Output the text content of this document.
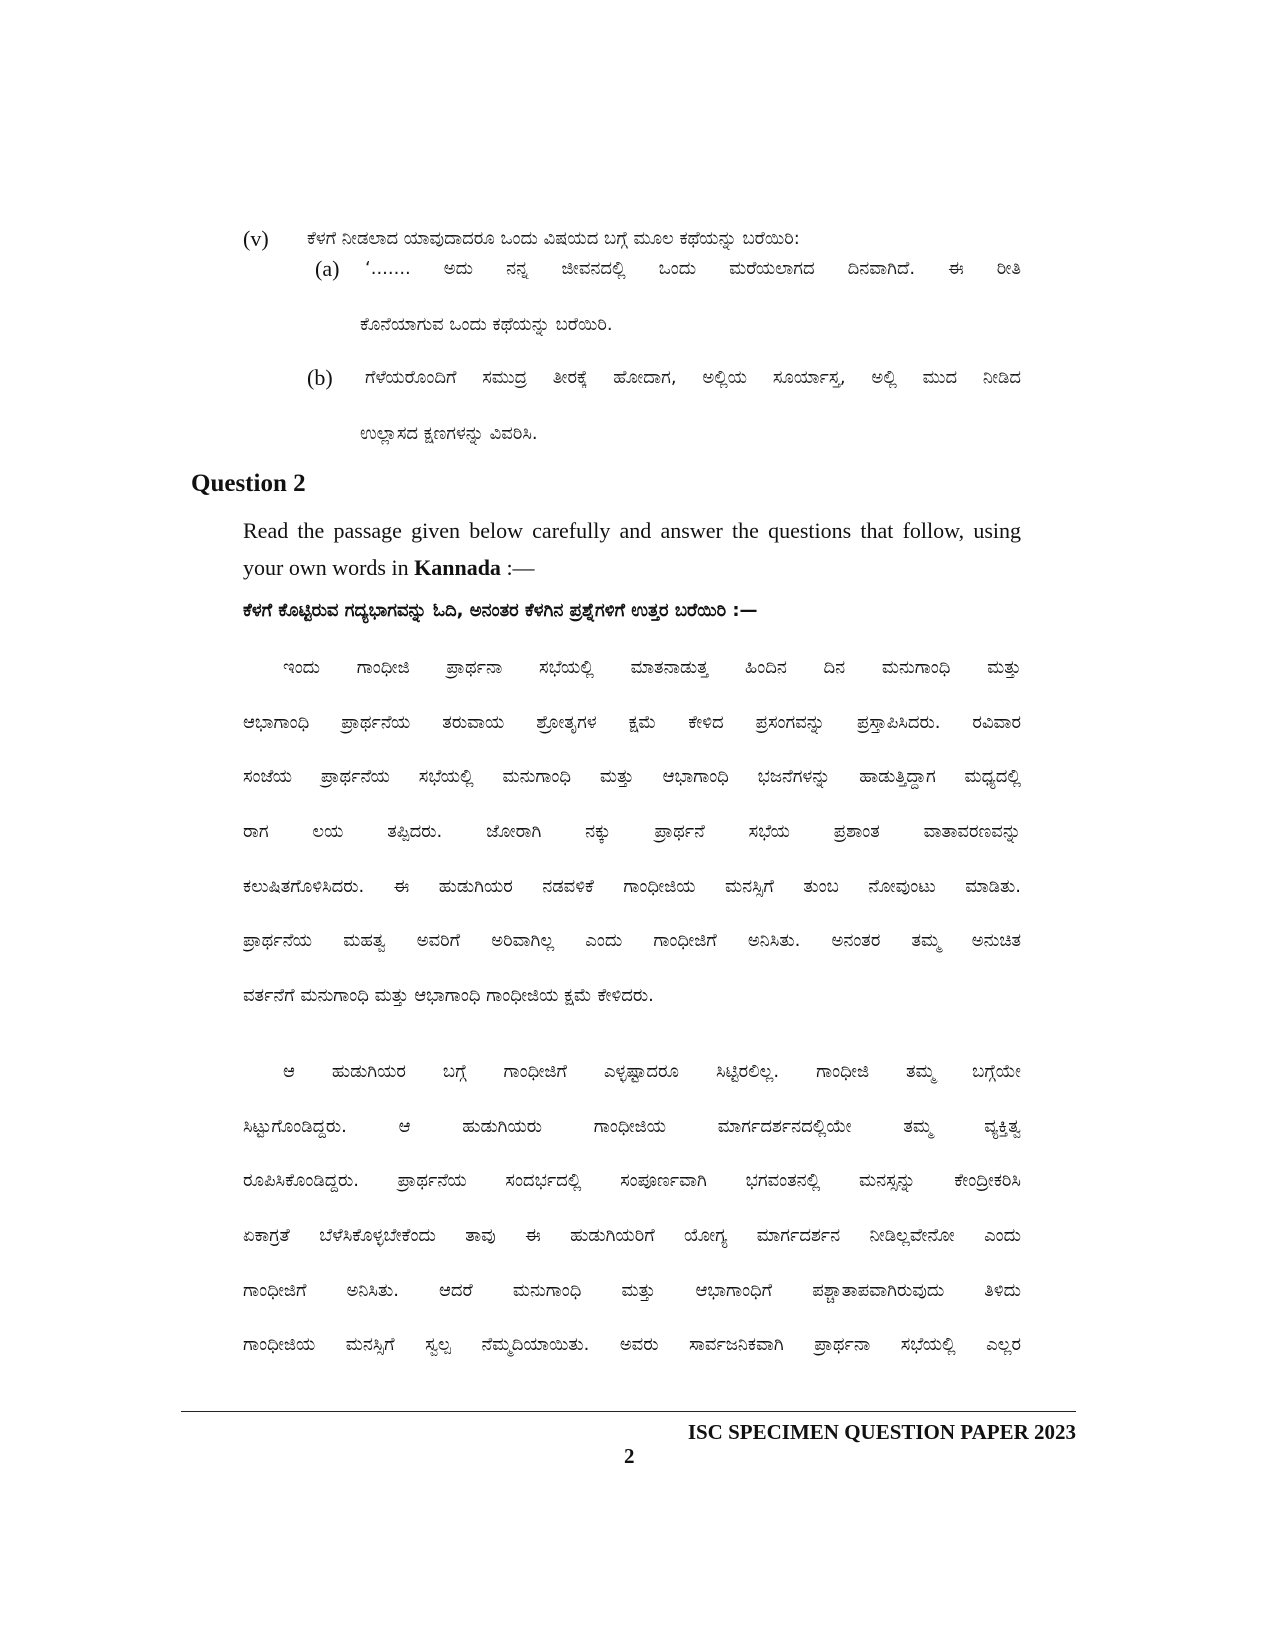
(v) ಕೆಳಗೆ ನೀಡಲಾದ ಯಾವುದಾದರೂ ಒಂದು ವಿಷಯದ ಬಗ್ಗೆ ಮೂಲ ಕಥೆಯನ್ನು ಬರೆಯಿರಿ:
(a) ‘....... ಅದು ನನ್ನ ಜೀವನದಲ್ಲಿ ಒಂದು ಮರೆಯಲಾಗದ ದಿನವಾಗಿದೆ. ಈ ರೀತಿ
ಕೊನೆಯಾಗುವ ಒಂದು ಕಥೆಯನ್ನು ಬರೆಯಿರಿ.
(b) ಗೆಳೆಯರೊಂದಿಗೆ ಸಮುದ್ರ ತೀರಕ್ಕೆ ಹೋದಾಗ, ಅಲ್ಲಿಯ ಸೂರ್ಯಾಸ್ತ, ಅಲ್ಲಿ ಮುದ ನೀಡಿದ
ಉಲ್ಲಾಸದ ಕ್ಷಣಗಳನ್ನು ವಿವರಿಸಿ.
Question 2
Read the passage given below carefully and answer the questions that follow, using
your own words in Kannada :—
ಕೆಳಗೆ ಕೊಟ್ಟಿರುವ ಗದ್ಯಭಾಗವನ್ನು ಓದಿ, ಅನಂತರ ಕೆಳಗಿನ ಪ್ರಶ್ನೆಗಳಿಗೆ ಉತ್ತರ ಬರೆಯಿರಿ :—
ಇಂದು ಗಾಂಧೀಜಿ ಪ್ರಾರ್ಥನಾ ಸಭೆಯಲ್ಲಿ ಮಾತನಾಡುತ್ತ ಹಿಂದಿನ ದಿನ ಮನುಗಾಂಧಿ ಮತ್ತು
ಆಭಾಗಾಂಧಿ ಪ್ರಾರ್ಥನೆಯ ತರುವಾಯ ಶ್ರೋತೃಗಳ ಕ್ಷಮೆ ಕೇಳಿದ ಪ್ರಸಂಗವನ್ನು ಪ್ರಸ್ತಾಪಿಸಿದರು. ರವಿವಾರ
ಸಂಜೆಯ ಪ್ರಾರ್ಥನೆಯ ಸಭೆಯಲ್ಲಿ ಮನುಗಾಂಧಿ ಮತ್ತು ಆಭಾಗಾಂಧಿ ಭಜನೆಗಳನ್ನು ಹಾಡುತ್ತಿದ್ದಾಗ ಮಧ್ಯದಲ್ಲಿ
ರಾಗ ಲಯ ತಪ್ಪಿದರು. ಜೋರಾಗಿ ನಕ್ಕು ಪ್ರಾರ್ಥನೆ ಸಭೆಯ ಪ್ರಶಾಂತ ವಾತಾವರಣವನ್ನು
ಕಲುಷಿತಗೊಳಿಸಿದರು. ಈ ಹುಡುಗಿಯರ ನಡವಳಿಕೆ ಗಾಂಧೀಜಿಯ ಮನಸ್ಸಿಗೆ ತುಂಬ ನೋವುಂಟು ಮಾಡಿತು.
ಪ್ರಾರ್ಥನೆಯ ಮಹತ್ವ ಅವರಿಗೆ ಅರಿವಾಗಿಲ್ಲ ಎಂದು ಗಾಂಧೀಜಿಗೆ ಅನಿಸಿತು. ಅನಂತರ ತಮ್ಮ ಅನುಚಿತ
ವರ್ತನೆಗೆ ಮನುಗಾಂಧಿ ಮತ್ತು ಆಭಾಗಾಂಧಿ ಗಾಂಧೀಜಿಯ ಕ್ಷಮೆ ಕೇಳಿದರು.
ಆ ಹುಡುಗಿಯರ ಬಗ್ಗೆ ಗಾಂಧೀಜಿಗೆ ಎಳ್ಳಷ್ಟಾದರೂ ಸಿಟ್ಟಿರಲಿಲ್ಲ. ಗಾಂಧೀಜಿ ತಮ್ಮ ಬಗ್ಗೆಯೇ
ಸಿಟ್ಟುಗೊಂಡಿದ್ದರು. ಆ ಹುಡುಗಿಯರು ಗಾಂಧೀಜಿಯ ಮಾರ್ಗದರ್ಶನದಲ್ಲಿಯೇ ತಮ್ಮ ವ್ಯಕ್ತಿತ್ವ
ರೂಪಿಸಿಕೊಂಡಿದ್ದರು. ಪ್ರಾರ್ಥನೆಯ ಸಂದರ್ಭದಲ್ಲಿ ಸಂಪೂರ್ಣವಾಗಿ ಭಗವಂತನಲ್ಲಿ ಮನಸ್ಸನ್ನು ಕೇಂದ್ರೀಕರಿಸಿ
ಏಕಾಗ್ರತೆ ಬೆಳೆಸಿಕೊಳ್ಳಬೇಕೆಂದು ತಾವು ಈ ಹುಡುಗಿಯರಿಗೆ ಯೋಗ್ಯ ಮಾರ್ಗದರ್ಶನ ನೀಡಿಲ್ಲವೇನೋ ಎಂದು
ಗಾಂಧೀಜಿಗೆ ಅನಿಸಿತು. ಆದರೆ ಮನುಗಾಂಧಿ ಮತ್ತು ಆಭಾಗಾಂಧಿಗೆ ಪಶ್ಚಾತಾಪವಾಗಿರುವುದು ತಿಳಿದು
ಗಾಂಧೀಜಿಯ ಮನಸ್ಸಿಗೆ ಸ್ವಲ್ಪ ನೆಮ್ಮದಿಯಾಯಿತು. ಅವರು ಸಾರ್ವಜನಿಕವಾಗಿ ಪ್ರಾರ್ಥನಾ ಸಭೆಯಲ್ಲಿ ಎಲ್ಲರ
ISC SPECIMEN QUESTION PAPER 2023
2
